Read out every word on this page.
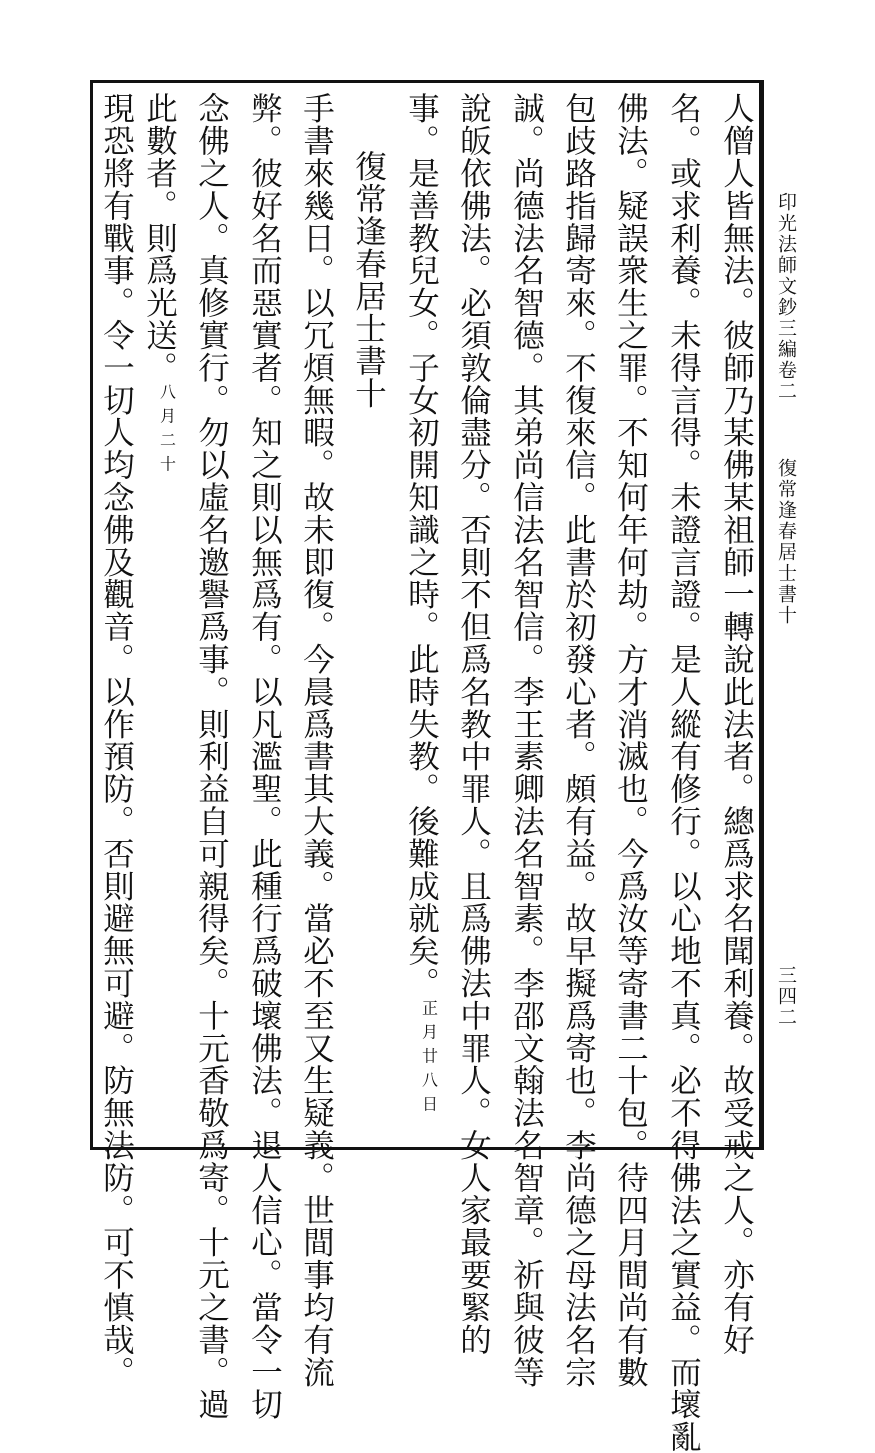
印光法師文鈔三編卷二
復常逢春居士書十
三四二
人僧人皆無法。彼師乃某佛某祖師一轉說此法者。總爲求名聞利養。故受戒之人。亦有好
名。或求利養。未得言得。未證言證。是人縱有修行。以心地不真。必不得佛法之實益。而壞亂
佛法。疑誤衆生之罪。不知何年何劫。方才消滅也。今爲汝等寄書二十包。待四月間尚有數
包歧路指歸寄來。不復來信。此書於初發心者。頗有益。故早擬爲寄也。李尚德之母法名宗
誠。尚德法名智德。其弟尚信法名智信。李王素卿法名智素。李邵文翰法名智章。祈與彼等
說皈依佛法。必須敦倫盡分。否則不但爲名教中罪人。且爲佛法中罪人。女人家最要緊的
事。是善教兒女。子女初開知識之時。此時失教。後難成就矣。$^{正月廿八日}$
復常逢春居士書十
手書來幾日。以冗煩無暇。故未即復。今晨爲書其大義。當必不至又生疑義。世間事均有流
弊。彼好名而惡實者。知之則以無爲有。以凡濫聖。此種行爲破壞佛法。退人信心。當令一切
念佛之人。真修實行。勿以虛名邀譽爲事。則利益自可親得矣。十元香敬爲寄。十元之書。過
此數者。則爲光送。$^{八月二十}$
現恐將有戰事。令一切人均念佛及觀音。以作預防。否則避無可避。防無法防。可不慎哉。
